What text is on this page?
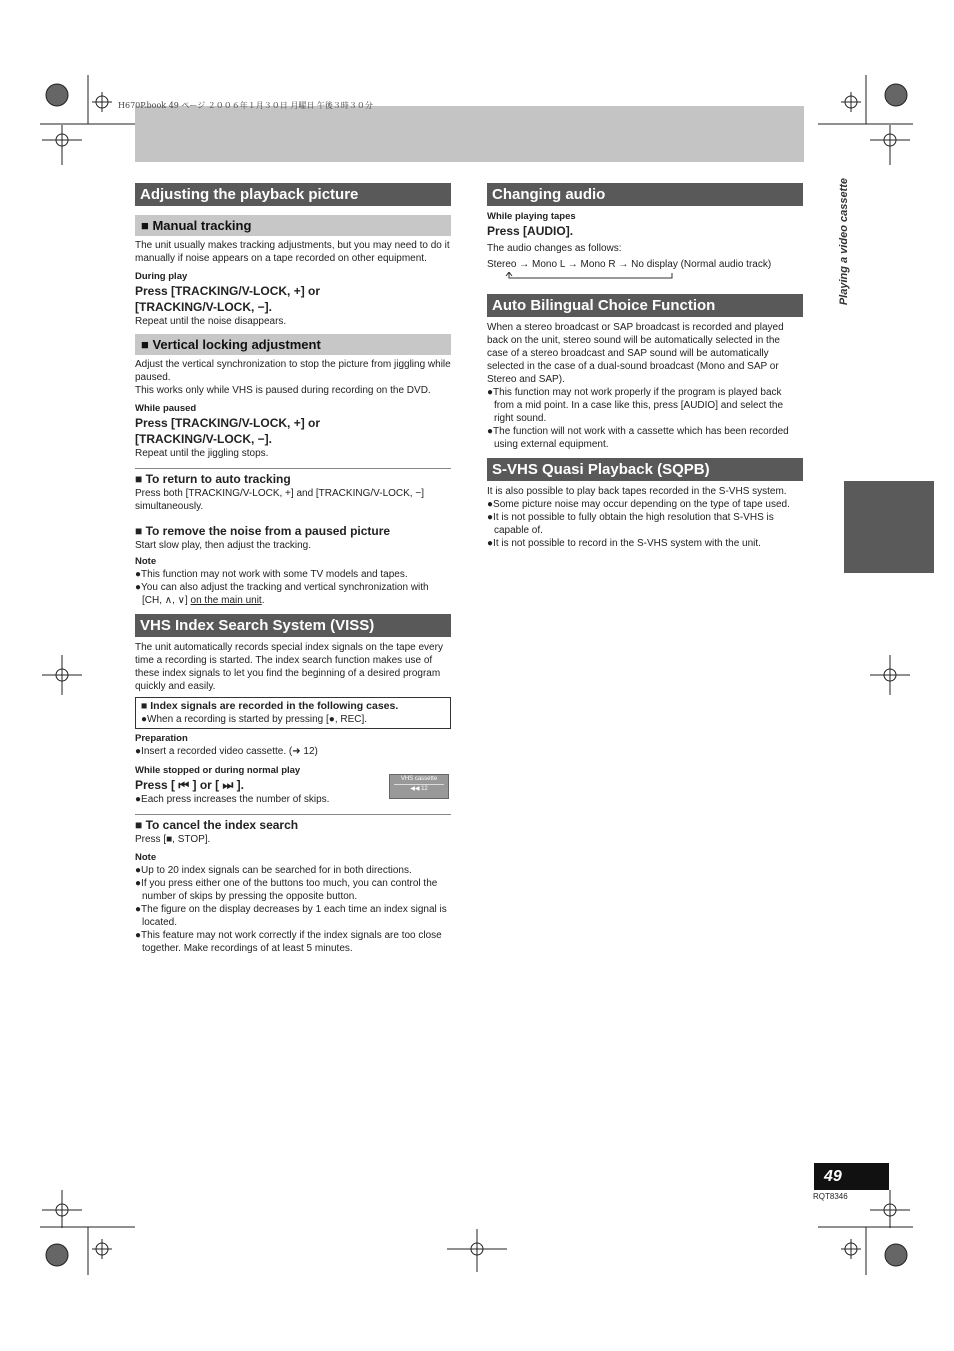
H670P.book 49 ページ ２００６年１月３０日 月曜日 午後３時３０分
Playing a video cassette
Adjusting the playback picture
■ Manual tracking

The unit usually makes tracking adjustments, but you may need to do it manually if noise appears on a tape recorded on other equipment.

During play

Press [TRACKING/V-LOCK, +] or

[TRACKING/V-LOCK, −].

Repeat until the noise disappears.

■ Vertical locking adjustment

Adjust the vertical synchronization to stop the picture from jiggling while paused.

This works only while VHS is paused during recording on the DVD.

While paused

Press [TRACKING/V-LOCK, +] or

[TRACKING/V-LOCK, −].

Repeat until the jiggling stops.

■ To return to auto tracking

Press both [TRACKING/V-LOCK, +] and [TRACKING/V-LOCK, −] simultaneously.

■ To remove the noise from a paused picture

Start slow play, then adjust the tracking.

Note

●This function may not work with some TV models and tapes.

●You can also adjust the tracking and vertical synchronization with [CH, ∧, ∨] on the main unit.

VHS Index Search System (VISS)

The unit automatically records special index signals on the tape every time a recording is started. The index search function makes use of these index signals to let you find the beginning of a desired program quickly and easily.

■ Index signals are recorded in the following cases.

●When a recording is started by pressing [●, REC].

Preparation

●Insert a recorded video cassette. (➜ 12)

While stopped or during normal play

Press [ ⏮ ] or [ ⏭ ].

●Each press increases the number of skips.

■ To cancel the index search

Press [■, STOP].

Note

●Up to 20 index signals can be searched for in both directions.

●If you press either one of the buttons too much, you can control the number of skips by pressing the opposite button.

●The figure on the display decreases by 1 each time an index signal is located.

●This feature may not work correctly if the index signals are too close together. Make recordings of at least 5 minutes.

VHS cassette
◀◀ 12
Changing audio

While playing tapes

Press [AUDIO].

The audio changes as follows:

Stereo → Mono L → Mono R → No display (Normal audio track)

Auto Bilingual Choice Function

When a stereo broadcast or SAP broadcast is recorded and played back on the unit, stereo sound will be automatically selected in the case of a stereo broadcast and SAP sound will be automatically selected in the case of a dual-sound broadcast (Mono and SAP or Stereo and SAP).

●This function may not work properly if the program is played back from a mid point. In a case like this, press [AUDIO] and select the right sound.

●The function will not work with a cassette which has been recorded using external equipment.

S-VHS Quasi Playback (SQPB)

It is also possible to play back tapes recorded in the S-VHS system.

●Some picture noise may occur depending on the type of tape used.

●It is not possible to fully obtain the high resolution that S-VHS is capable of.

●It is not possible to record in the S-VHS system with the unit.

49
RQT8346
